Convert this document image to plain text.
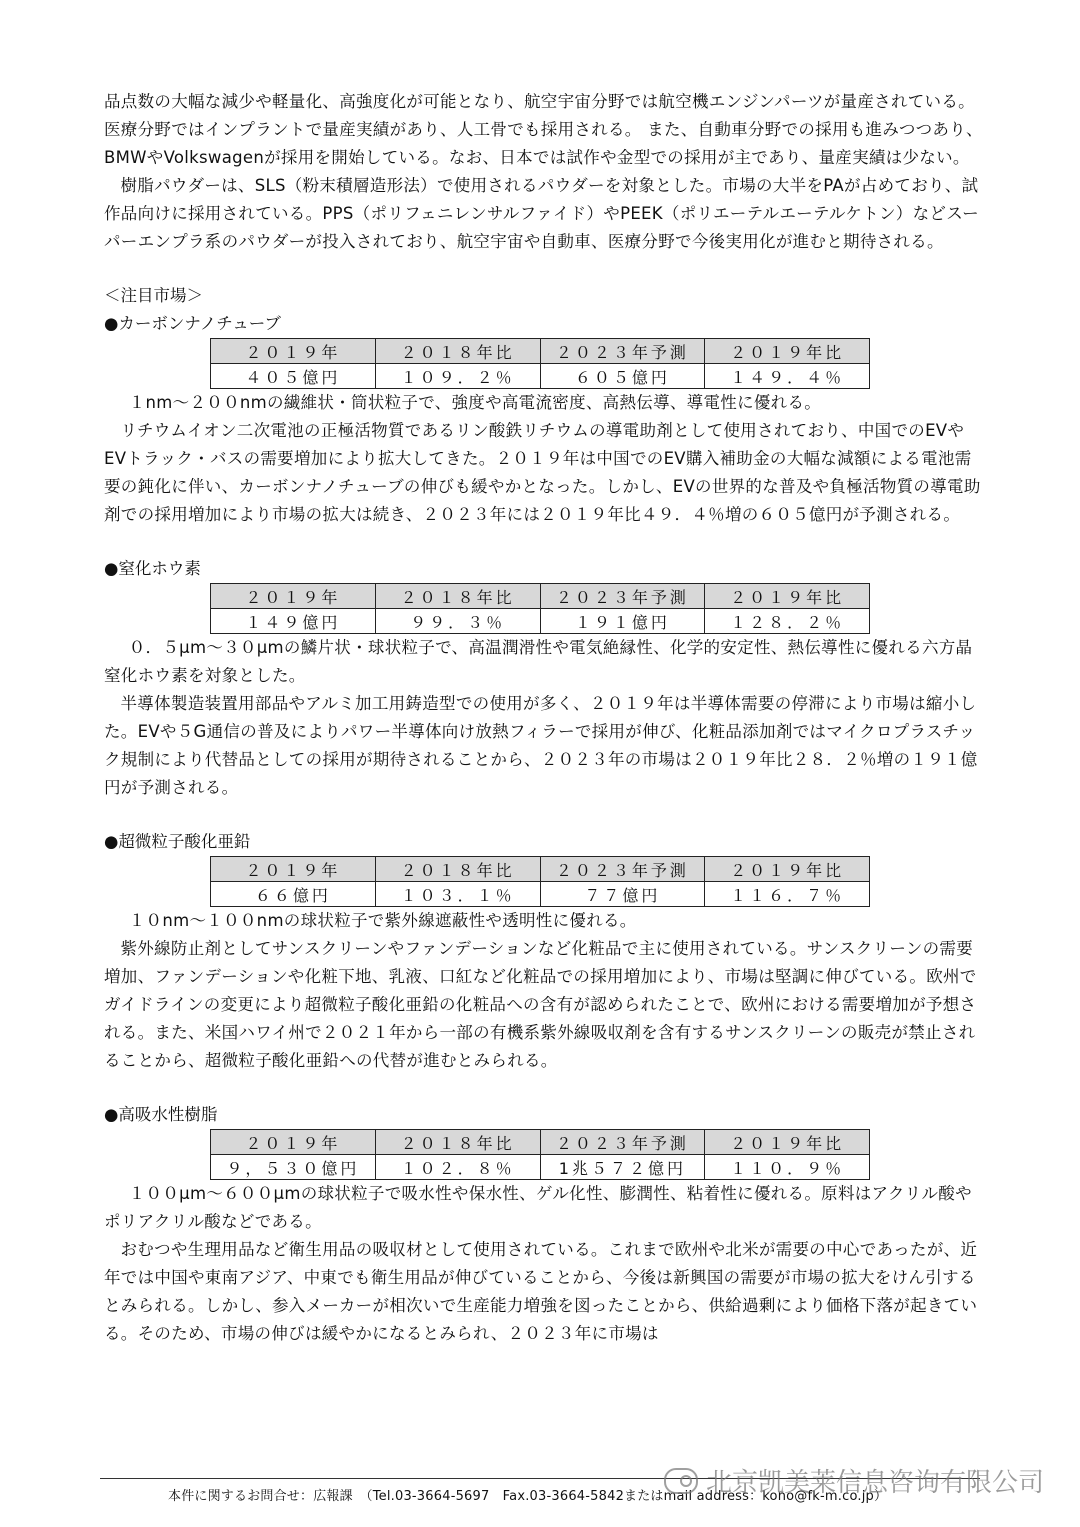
品点数の大幅な減少や軽量化、高強度化が可能となり、航空宇宙分野では航空機エンジンパーツが量産されている。医療分野ではインプラントで量産実績があり、人工骨でも採用される。 また、自動車分野での採用も進みつつあり、BMWやVolkswagenが採用を開始している。なお、日本では試作や金型での採用が主であり、量産実績は少ない。

樹脂パウダーは、SLS（粉末積層造形法）で使用されるパウダーを対象とした。市場の大半をPAが占めており、試作品向けに採用されている。PPS（ポリフェニレンサルファイド）やPEEK（ポリエーテルエーテルケトン）などスーパーエンプラ系のパウダーが投入されており、航空宇宙や自動車、医療分野で今後実用化が進むと期待される。

＜注目市場＞

●カーボンナノチューブ

２０１９年	２０１８年比	２０２３年予測	２０１９年比
４０５億円	１０９．２％	６０５億円	１４９．４％

１nm～２００nmの繊維状・筒状粒子で、強度や高電流密度、高熱伝導、導電性に優れる。

リチウムイオン二次電池の正極活物質であるリン酸鉄リチウムの導電助剤として使用されており、中国でのEVやEVトラック・バスの需要増加により拡大してきた。２０１９年は中国でのEV購入補助金の大幅な減額による電池需要の鈍化に伴い、カーボンナノチューブの伸びも緩やかとなった。しかし、EVの世界的な普及や負極活物質の導電助剤での採用増加により市場の拡大は続き、２０２３年には２０１９年比４９．４％増の６０５億円が予測される。

●窒化ホウ素

２０１９年	２０１８年比	２０２３年予測	２０１９年比
１４９億円	９９．３％	１９１億円	１２８．２％

０．５μm～３０μmの鱗片状・球状粒子で、高温潤滑性や電気絶縁性、化学的安定性、熱伝導性に優れる六方晶窒化ホウ素を対象とした。

半導体製造装置用部品やアルミ加工用鋳造型での使用が多く、２０１９年は半導体需要の停滞により市場は縮小した。EVや５G通信の普及によりパワー半導体向け放熱フィラーで採用が伸び、化粧品添加剤ではマイクロプラスチック規制により代替品としての採用が期待されることから、２０２３年の市場は２０１９年比２８．２％増の１９１億円が予測される。

●超微粒子酸化亜鉛

２０１９年	２０１８年比	２０２３年予測	２０１９年比
６６億円	１０３．１％	７７億円	１１６．７％

１０nm～１００nmの球状粒子で紫外線遮蔽性や透明性に優れる。

紫外線防止剤としてサンスクリーンやファンデーションなど化粧品で主に使用されている。サンスクリーンの需要増加、ファンデーションや化粧下地、乳液、口紅など化粧品での採用増加により、市場は堅調に伸びている。欧州でガイドラインの変更により超微粒子酸化亜鉛の化粧品への含有が認められたことで、欧州における需要増加が予想される。また、米国ハワイ州で２０２１年から一部の有機系紫外線吸収剤を含有するサンスクリーンの販売が禁止されることから、超微粒子酸化亜鉛への代替が進むとみられる。

●高吸水性樹脂

２０１９年	２０１８年比	２０２３年予測	２０１９年比
９，５３０億円	１０２．８％	1兆５７２億円	１１０．９％

１００μm～６００μmの球状粒子で吸水性や保水性、ゲル化性、膨潤性、粘着性に優れる。原料はアクリル酸やポリアクリル酸などである。

おむつや生理用品など衛生用品の吸収材として使用されている。これまで欧州や北米が需要の中心であったが、近年では中国や東南アジア、中東でも衛生用品が伸びていることから、今後は新興国の需要が市場の拡大をけん引するとみられる。しかし、参入メーカーが相次いで生産能力増強を図ったことから、供給過剰により価格下落が起きている。そのため、市場の伸びは緩やかになるとみられ、２０２３年に市場は

本件に関するお問合せ：広報課　（Tel.03-3664-5697　Fax.03-3664-5842またはmail address：kono@fk-m.co.jp）
北京凯美莱信息咨询有限公司
